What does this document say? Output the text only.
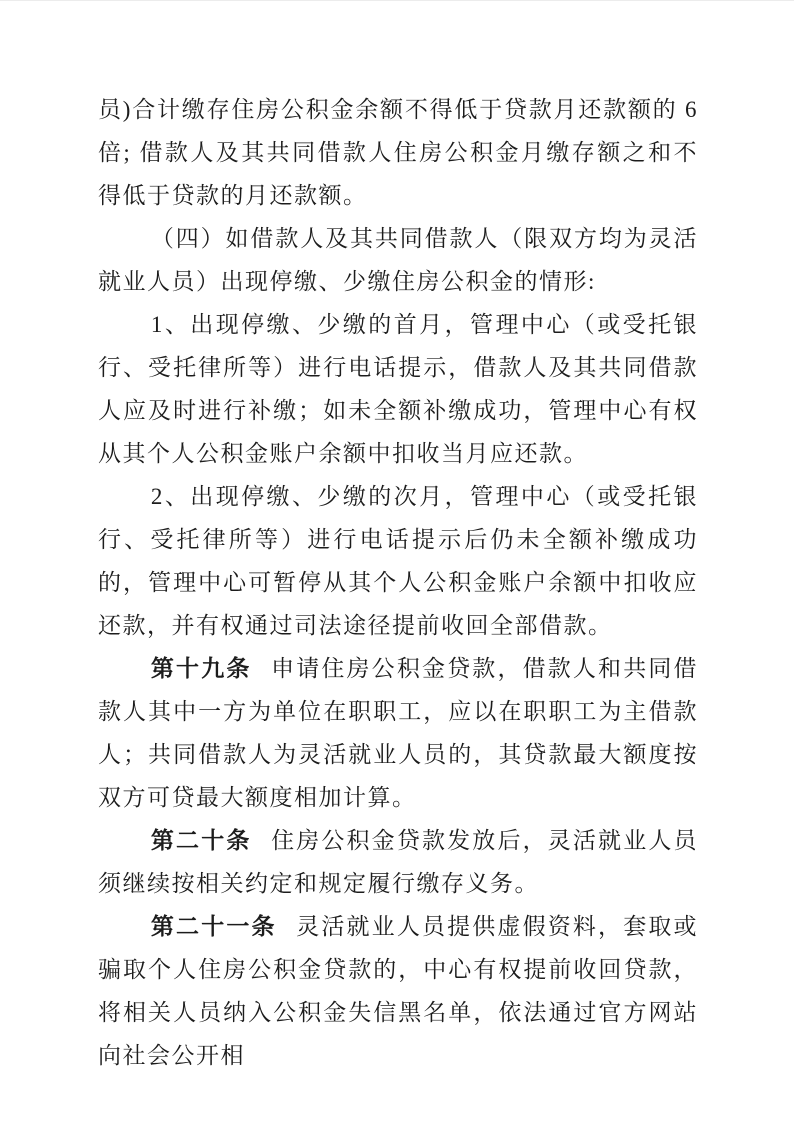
员)合计缴存住房公积金余额不得低于贷款月还款额的 6 倍; 借款人及其共同借款人住房公积金月缴存额之和不得低于贷款的月还款额。

（四）如借款人及其共同借款人（限双方均为灵活就业人员）出现停缴、少缴住房公积金的情形:

1、出现停缴、少缴的首月，管理中心（或受托银行、受托律所等）进行电话提示，借款人及其共同借款人应及时进行补缴；如未全额补缴成功，管理中心有权从其个人公积金账户余额中扣收当月应还款。

2、出现停缴、少缴的次月，管理中心（或受托银行、受托律所等）进行电话提示后仍未全额补缴成功的，管理中心可暂停从其个人公积金账户余额中扣收应还款，并有权通过司法途径提前收回全部借款。

第十九条 申请住房公积金贷款，借款人和共同借款人其中一方为单位在职职工，应以在职职工为主借款人；共同借款人为灵活就业人员的，其贷款最大额度按双方可贷最大额度相加计算。

第二十条 住房公积金贷款发放后，灵活就业人员须继续按相关约定和规定履行缴存义务。

第二十一条 灵活就业人员提供虚假资料，套取或骗取个人住房公积金贷款的，中心有权提前收回贷款，将相关人员纳入公积金失信黑名单，依法通过官方网站向社会公开相
